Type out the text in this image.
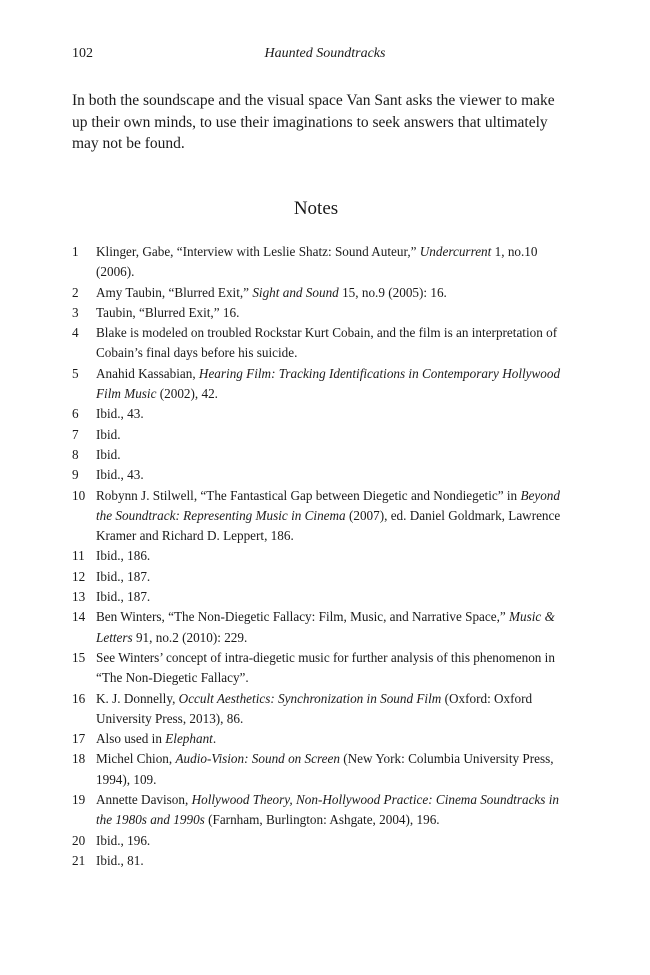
102	Haunted Soundtracks

In both the soundscape and the visual space Van Sant asks the viewer to make up their own minds, to use their imaginations to seek answers that ultimately may not be found.

Notes
1 Klinger, Gabe, “Interview with Leslie Shatz: Sound Auteur,” Undercurrent 1, no.10 (2006).
2 Amy Taubin, “Blurred Exit,” Sight and Sound 15, no.9 (2005): 16.
3 Taubin, “Blurred Exit,” 16.
4 Blake is modeled on troubled Rockstar Kurt Cobain, and the film is an interpretation of Cobain’s final days before his suicide.
5 Anahid Kassabian, Hearing Film: Tracking Identifications in Contemporary Hollywood Film Music (2002), 42.
6 Ibid., 43.
7 Ibid.
8 Ibid.
9 Ibid., 43.
10 Robynn J. Stilwell, “The Fantastical Gap between Diegetic and Nondiegetic” in Beyond the Soundtrack: Representing Music in Cinema (2007), ed. Daniel Goldmark, Lawrence Kramer and Richard D. Leppert, 186.
11 Ibid., 186.
12 Ibid., 187.
13 Ibid., 187.
14 Ben Winters, “The Non-Diegetic Fallacy: Film, Music, and Narrative Space,” Music & Letters 91, no.2 (2010): 229.
15 See Winters’ concept of intra-diegetic music for further analysis of this phenomenon in “The Non-Diegetic Fallacy”.
16 K. J. Donnelly, Occult Aesthetics: Synchronization in Sound Film (Oxford: Oxford University Press, 2013), 86.
17 Also used in Elephant.
18 Michel Chion, Audio-Vision: Sound on Screen (New York: Columbia University Press, 1994), 109.
19 Annette Davison, Hollywood Theory, Non-Hollywood Practice: Cinema Soundtracks in the 1980s and 1990s (Farnham, Burlington: Ashgate, 2004), 196.
20 Ibid., 196.
21 Ibid., 81.
